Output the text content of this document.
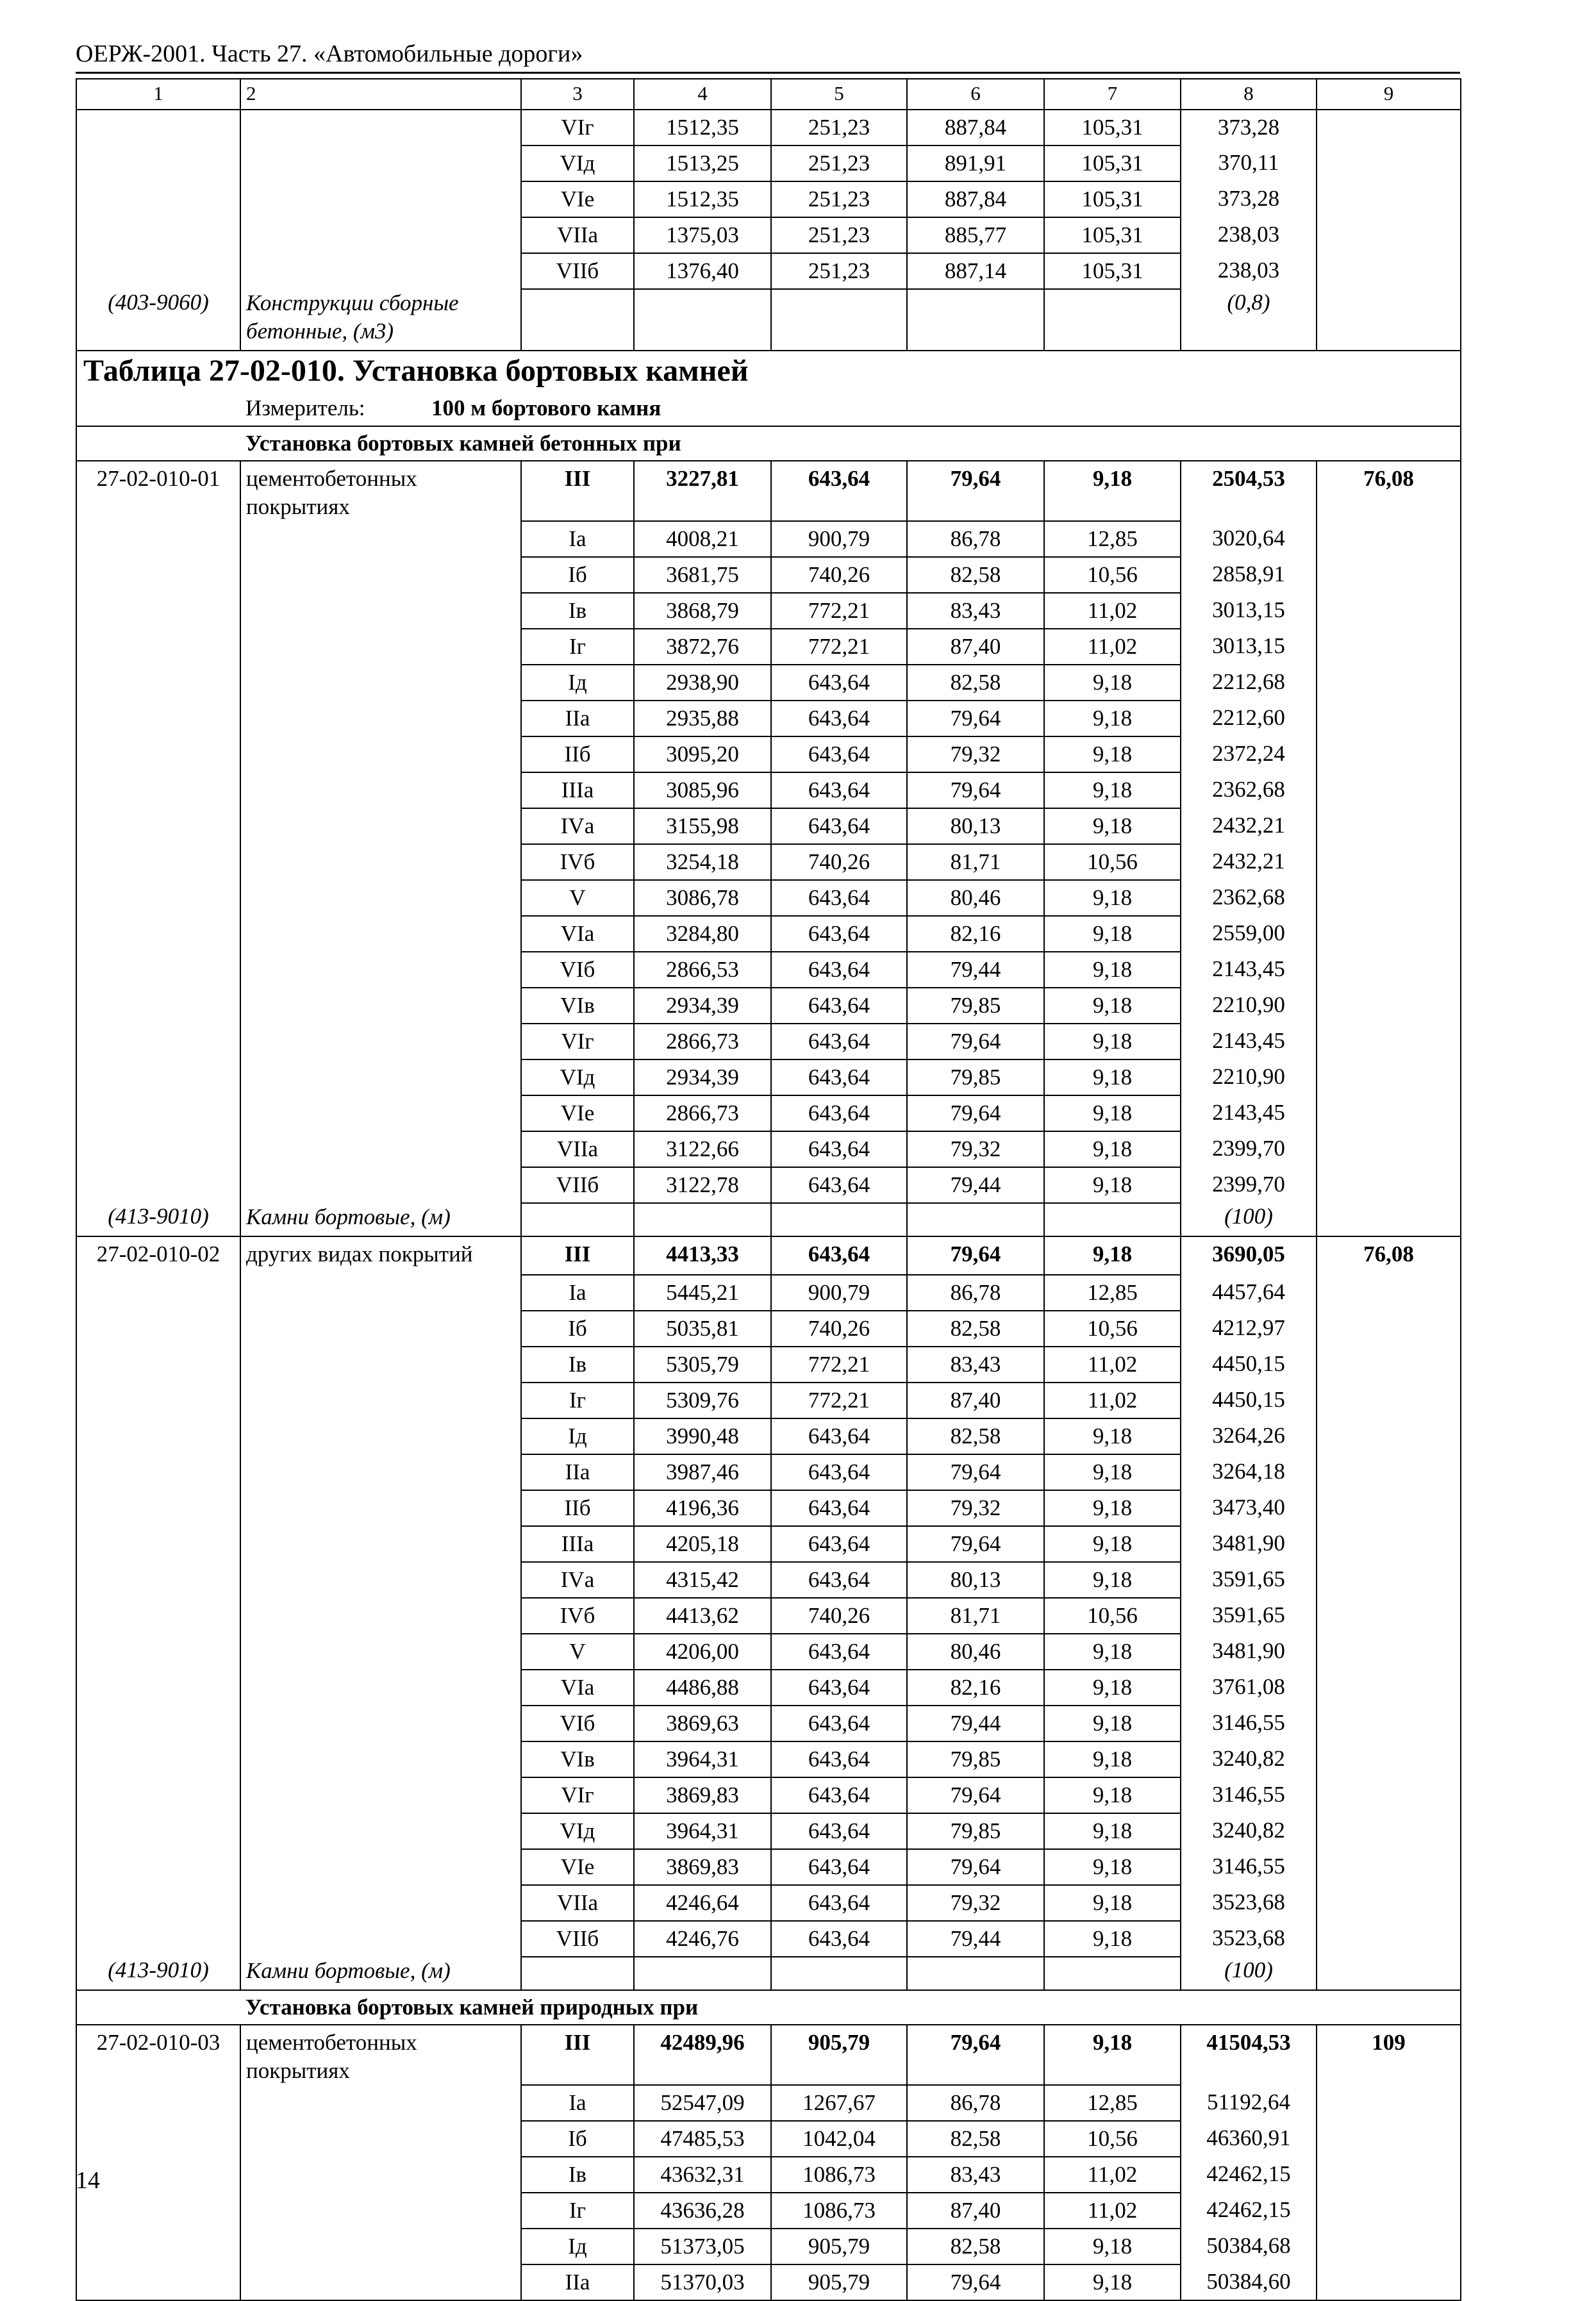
ОЕРЖ-2001. Часть 27. «Автомобильные дороги»
1	2	3	4	5	6	7	8	9
		VIг	1512,35	251,23	887,84	105,31	373,28	
		VIд	1513,25	251,23	891,91	105,31	370,11	
		VIе	1512,35	251,23	887,84	105,31	373,28	
		VIIа	1375,03	251,23	885,77	105,31	238,03	
		VIIб	1376,40	251,23	887,14	105,31	238,03	
(403-9060)	Конструкции сборные бетонные, (м3)						(0,8)	
Таблица 27-02-010. Установка бортовых камней								
	Измеритель: 100 м бортового камня							
	Установка бортовых камней бетонных при							
27-02-010-01	цементобетонных покрытиях	III	3227,81	643,64	79,64	9,18	2504,53	76,08
		Iа	4008,21	900,79	86,78	12,85	3020,64	
		Iб	3681,75	740,26	82,58	10,56	2858,91	
		Iв	3868,79	772,21	83,43	11,02	3013,15	
		Iг	3872,76	772,21	87,40	11,02	3013,15	
		Iд	2938,90	643,64	82,58	9,18	2212,68	
		IIа	2935,88	643,64	79,64	9,18	2212,60	
		IIб	3095,20	643,64	79,32	9,18	2372,24	
		IIIа	3085,96	643,64	79,64	9,18	2362,68	
		IVа	3155,98	643,64	80,13	9,18	2432,21	
		IVб	3254,18	740,26	81,71	10,56	2432,21	
		V	3086,78	643,64	80,46	9,18	2362,68	
		VIа	3284,80	643,64	82,16	9,18	2559,00	
		VIб	2866,53	643,64	79,44	9,18	2143,45	
		VIв	2934,39	643,64	79,85	9,18	2210,90	
		VIг	2866,73	643,64	79,64	9,18	2143,45	
		VIд	2934,39	643,64	79,85	9,18	2210,90	
		VIе	2866,73	643,64	79,64	9,18	2143,45	
		VIIа	3122,66	643,64	79,32	9,18	2399,70	
		VIIб	3122,78	643,64	79,44	9,18	2399,70	
(413-9010)	Камни бортовые, (м)						(100)	
27-02-010-02	других видах покрытий	III	4413,33	643,64	79,64	9,18	3690,05	76,08
		Iа	5445,21	900,79	86,78	12,85	4457,64	
		Iб	5035,81	740,26	82,58	10,56	4212,97	
		Iв	5305,79	772,21	83,43	11,02	4450,15	
		Iг	5309,76	772,21	87,40	11,02	4450,15	
		Iд	3990,48	643,64	82,58	9,18	3264,26	
		IIа	3987,46	643,64	79,64	9,18	3264,18	
		IIб	4196,36	643,64	79,32	9,18	3473,40	
		IIIа	4205,18	643,64	79,64	9,18	3481,90	
		IVа	4315,42	643,64	80,13	9,18	3591,65	
		IVб	4413,62	740,26	81,71	10,56	3591,65	
		V	4206,00	643,64	80,46	9,18	3481,90	
		VIа	4486,88	643,64	82,16	9,18	3761,08	
		VIб	3869,63	643,64	79,44	9,18	3146,55	
		VIв	3964,31	643,64	79,85	9,18	3240,82	
		VIг	3869,83	643,64	79,64	9,18	3146,55	
		VIд	3964,31	643,64	79,85	9,18	3240,82	
		VIе	3869,83	643,64	79,64	9,18	3146,55	
		VIIа	4246,64	643,64	79,32	9,18	3523,68	
		VIIб	4246,76	643,64	79,44	9,18	3523,68	
(413-9010)	Камни бортовые, (м)						(100)	
	Установка бортовых камней природных при							
27-02-010-03	цементобетонных покрытиях	III	42489,96	905,79	79,64	9,18	41504,53	109
		Iа	52547,09	1267,67	86,78	12,85	51192,64	
		Iб	47485,53	1042,04	82,58	10,56	46360,91	
		Iв	43632,31	1086,73	83,43	11,02	42462,15	
		Iг	43636,28	1086,73	87,40	11,02	42462,15	
		Iд	51373,05	905,79	82,58	9,18	50384,68	
		IIа	51370,03	905,79	79,64	9,18	50384,60	
14
